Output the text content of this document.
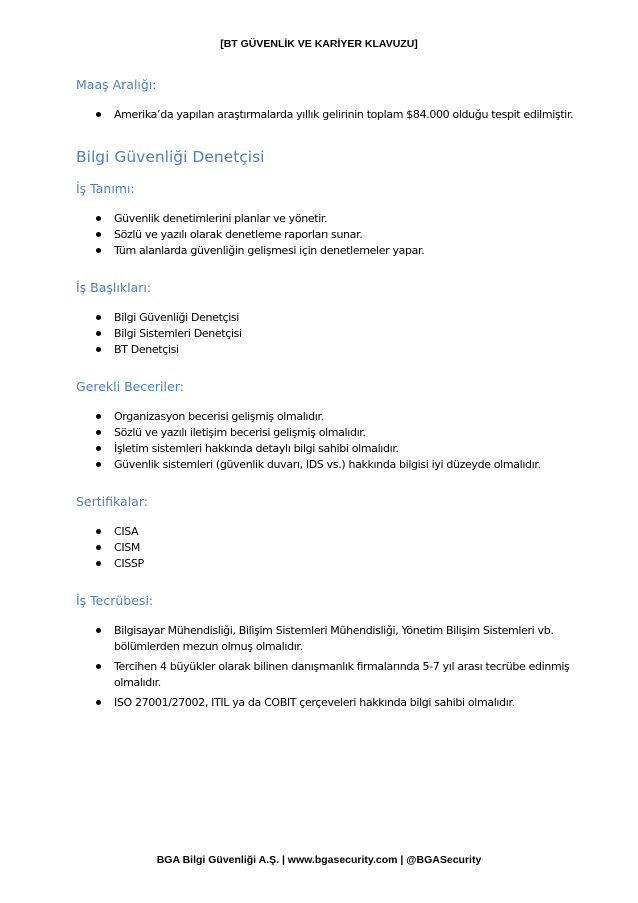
[BT GÜVENLİK VE KARİYER KLAVUZU]
Maaş Aralığı:
Amerika’da yapılan araştırmalarda yıllık gelirinin toplam $84.000 olduğu tespit edilmiştir.
Bilgi Güvenliği Denetçisi
İş Tanımı:
Güvenlik denetimlerini planlar ve yönetir.
Sözlü ve yazılı olarak denetleme raporları sunar.
Tüm alanlarda güvenliğin gelişmesi için denetlemeler yapar.
İş Başlıkları:
Bilgi Güvenliği Denetçisi
Bilgi Sistemleri Denetçisi
BT Denetçisi
Gerekli Beceriler:
Organizasyon becerisi gelişmiş olmalıdır.
Sözlü ve yazılı iletişim becerisi gelişmiş olmalıdır.
İşletim sistemleri hakkında detaylı bilgi sahibi olmalıdır.
Güvenlik sistemleri (güvenlik duvarı, IDS vs.) hakkında bilgisi iyi düzeyde olmalıdır.
Sertifikalar:
CISA
CISM
CISSP
İş Tecrübesi:
Bilgisayar Mühendisliği, Bilişim Sistemleri Mühendisliği, Yönetim Bilişim Sistemleri vb. bölümlerden mezun olmuş olmalıdır.
Tercihen 4 büyükler olarak bilinen danışmanlık firmalarında 5-7 yıl arası tecrübe edinmiş olmalıdır.
ISO 27001/27002, ITIL ya da COBIT çerçeveleri hakkında bilgi sahibi olmalıdır.
BGA Bilgi Güvenliği A.Ş. | www.bgasecurity.com | @BGASecurity
